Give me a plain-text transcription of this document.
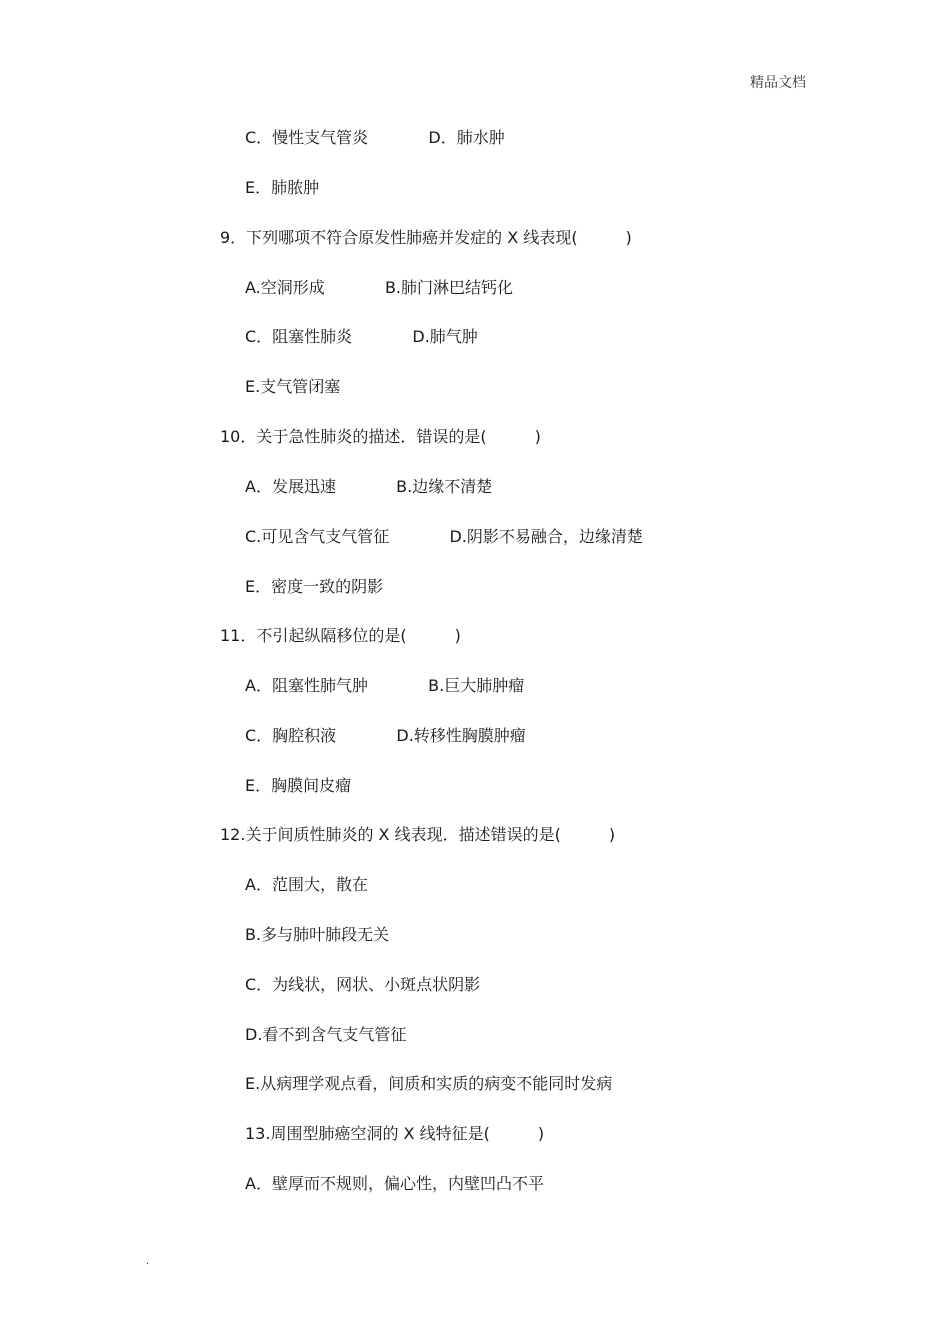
精品文档
C．慢性支气管炎	D．肺水肿
E．肺脓肿
9．下列哪项不符合原发性肺癌并发症的 X 线表现(　　　)
A.空洞形成	B.肺门淋巴结钙化
C．阻塞性肺炎	D.肺气肿
E.支气管闭塞
10．关于急性肺炎的描述．错误的是(　　　)
A．发展迅速	B.边缘不清楚
C.可见含气支气管征	D.阴影不易融合，边缘清楚
E．密度一致的阴影
11．不引起纵隔移位的是(　　　)
A．阻塞性肺气肿	B.巨大肺肿瘤
C．胸腔积液	D.转移性胸膜肿瘤
E．胸膜间皮瘤
12.关于间质性肺炎的 X 线表现．描述错误的是(　　　)
A．范围大，散在
B.多与肺叶肺段无关
C．为线状，网状、小斑点状阴影
D.看不到含气支气管征
E.从病理学观点看，间质和实质的病变不能同时发病
13.周围型肺癌空洞的 X 线特征是(　　　)
A．壁厚而不规则，偏心性，内壁凹凸不平
.
